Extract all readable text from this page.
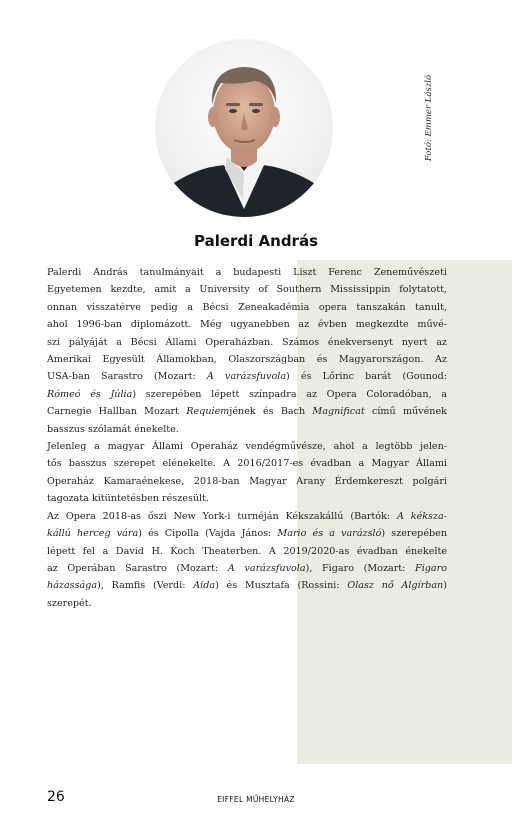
Fotó: Emmer László
Palerdi András
Palerdi András tanulmányait a budapesti Liszt Ferenc Zeneművészeti
Egyetemen kezdte, amit a University of Southern Mississippin folytatott,
onnan visszatérve pedig a Bécsi Zeneakadémia opera tanszakán tanult,
ahol 1996-ban diplomázott. Még ugyanebben az évben megkezdte művé-
szi pályáját a Bécsi Állami Operaházban. Számos énekversenyt nyert az
Amerikai Egyesült Államokban, Olaszországban és Magyarországon. Az
USA-ban Sarastro (Mozart: A varázsfuvola) és Lőrinc barát (Gounod:
Rómeó és Júlia) szerepében lépett színpadra az Opera Coloradóban, a
Carnegie Hallban Mozart Requiemjének és Bach Magnificat című művének
basszus szólamát énekelte.
Jelenleg a magyar Állami Operaház vendégművésze, ahol a legtöbb jelen-
tős basszus szerepet elénekelte. A 2016/2017-es évadban a Magyar Állami
Operaház Kamaraénekese, 2018-ban Magyar Arany Érdemkereszt polgári
tagozata kitüntetésben részesült.
Az Opera 2018-as őszi New York-i turnéján Kékszakállú (Bartók: A kéksza-
kállú herceg vára) és Cipolla (Vajda János: Mario és a varázsló) szerepében
lépett fel a David H. Koch Theaterben. A 2019/2020-as évadban énekelte
az Operában Sarastro (Mozart: A varázsfuvola), Figaro (Mozart: Figaro
házassága), Ramfis (Verdi: Aida) és Musztafa (Rossini: Olasz nő Algírban)
szerepét.
26	EIFFEL MŰHELYHÁZ
